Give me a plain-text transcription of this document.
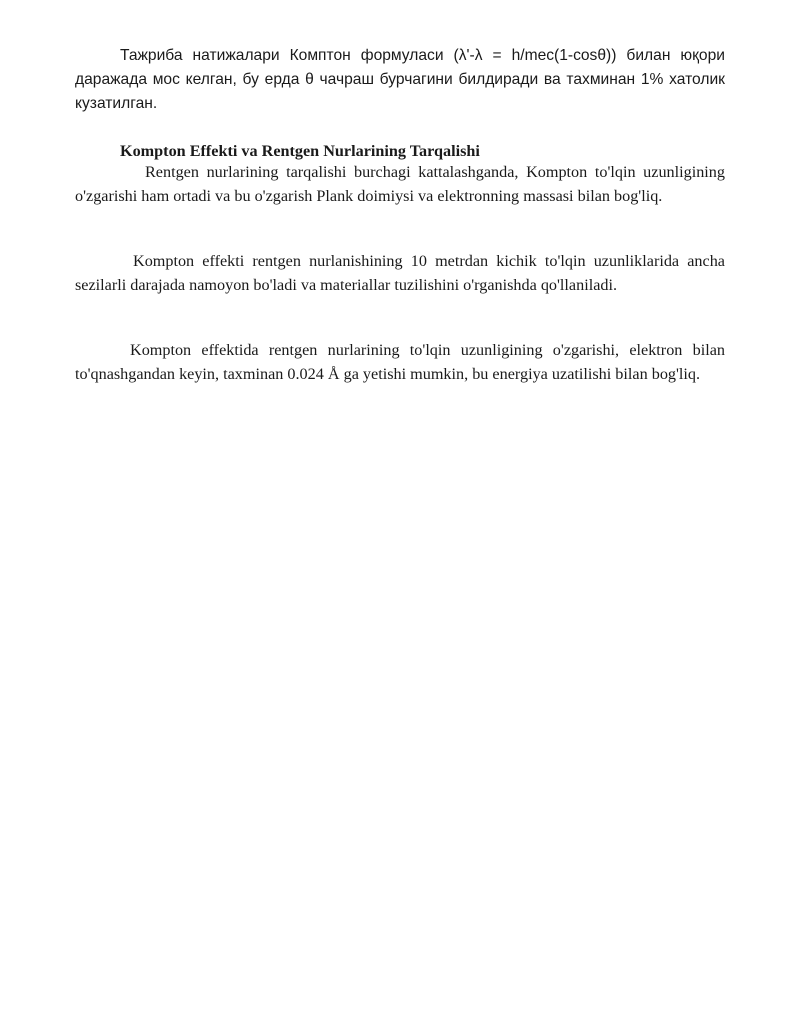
Тажриба натижалари Комптон формуласи (λ'-λ = h/mec(1-cosθ)) билан юқори даражада мос келган, бу ерда θ чачраш бурчагини билдиради ва тахминан 1% хатолик кузатилган.

Kompton Effekti va Rentgen Nurlarining Tarqalishi

Rentgen nurlarining tarqalishi burchagi kattalashganda, Kompton to'lqin uzunligining o'zgarishi ham ortadi va bu o'zgarish Plank doimiysi va elektronning massasi bilan bog'liq.

Kompton effekti rentgen nurlanishining 10 metrdan kichik to'lqin uzunliklarida ancha sezilarli darajada namoyon bo'ladi va materiallar tuzilishini o'rganishda qo'llaniladi.

Kompton effektida rentgen nurlarining to'lqin uzunligining o'zgarishi, elektron bilan to'qnashgandan keyin, taxminan 0.024 Å ga yetishi mumkin, bu energiya uzatilishi bilan bog'liq.
